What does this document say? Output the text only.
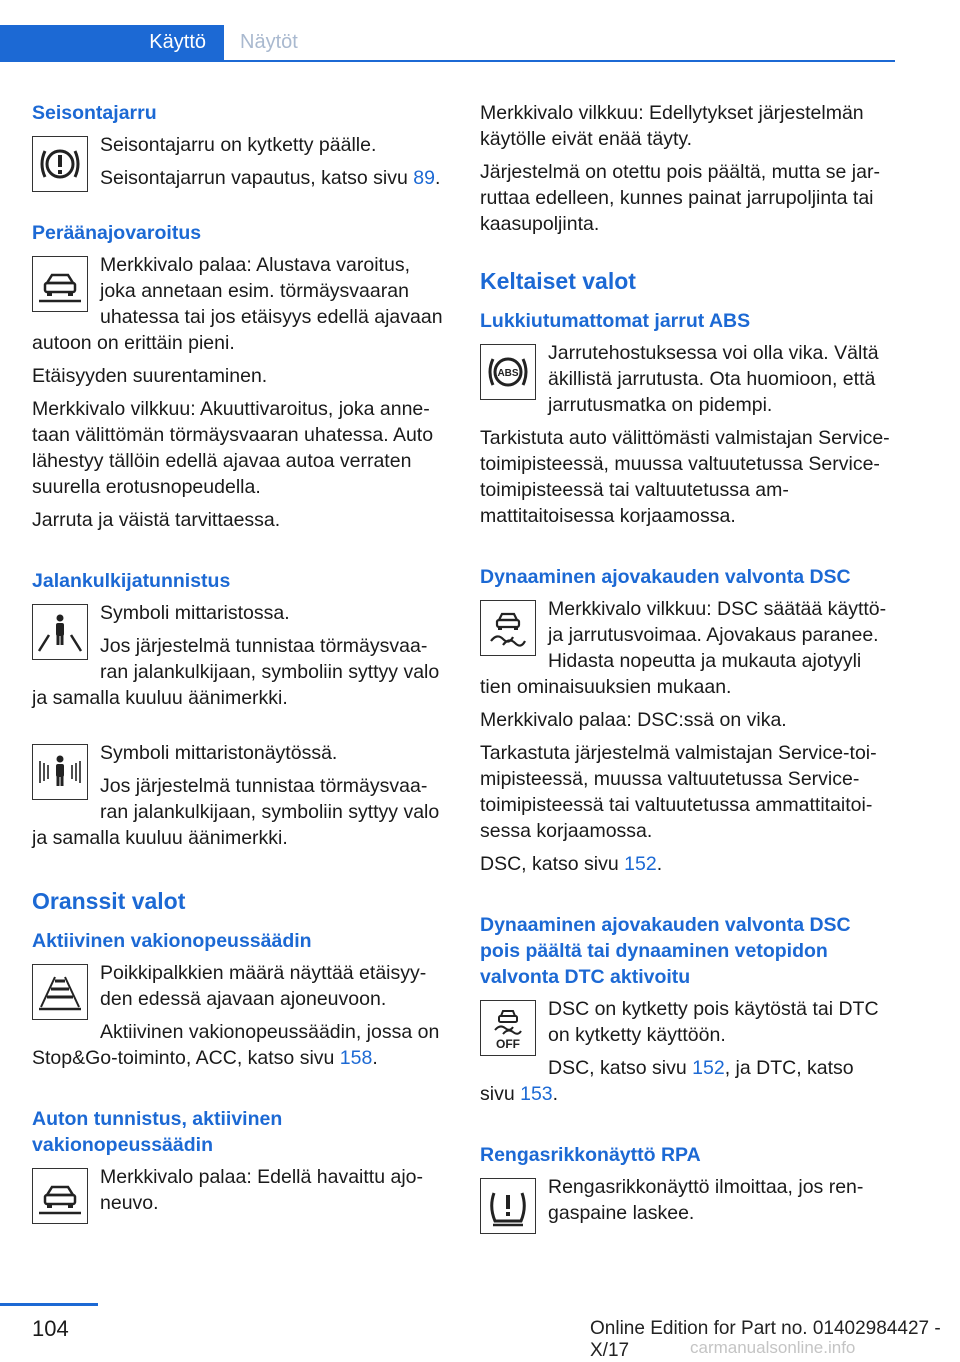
Käyttö	Näytöt
Seisontajarru
Seisontajarru on kytketty päälle.
Seisontajarrun vapautus, katso sivu 89.
Peräänajovaroitus
Merkkivalo palaa: Alustava varoitus, joka annetaan esim. törmäysvaaran uhatessa tai jos etäisyys edellä ajavaan autoon on erittäin pieni.
Etäisyyden suurentaminen.
Merkkivalo vilkkuu: Akuuttivaroitus, joka annetaan välittömän törmäysvaaran uhatessa. Auto lähestyy tällöin edellä ajavaa autoa verraten suurella erotusnopeudella.
Jarruta ja väistä tarvittaessa.
Jalankulkijatunnistus
Symboli mittaristossa.
Jos järjestelmä tunnistaa törmäysvaaran jalankulkijaan, symboliin syttyy valo ja samalla kuuluu äänimerkki.
Symboli mittaristonäytössä.
Jos järjestelmä tunnistaa törmäysvaaran jalankulkijaan, symboliin syttyy valo ja samalla kuuluu äänimerkki.
Oranssit valot
Aktiivinen vakionopeussäädin
Poikkipalkkien määrä näyttää etäisyyden edessä ajavaan ajoneuvoon.
Aktiivinen vakionopeussäädin, jossa on Stop&Go-toiminto, ACC, katso sivu 158.
Auton tunnistus, aktiivinen vakionopeussäädin
Merkkivalo palaa: Edellä havaittu ajoneuvo.
Merkkivalo vilkkuu: Edellytykset järjestelmän käytölle eivät enää täyty.
Järjestelmä on otettu pois päältä, mutta se jarruttaa edelleen, kunnes painat jarrupoljinta tai kaasupoljinta.
Keltaiset valot
Lukkiutumattomat jarrut ABS
ABS
Jarrutehostuksessa voi olla vika. Vältä äkillistä jarrutusta. Ota huomioon, että jarrutusmatka on pidempi.
Tarkistuta auto välittömästi valmistajan Service-toimipisteessä, muussa valtuutetussa Service-toimipisteessä tai valtuutetussa ammattitaitoisessa korjaamossa.
Dynaaminen ajovakauden valvonta DSC
Merkkivalo vilkkuu: DSC säätää käyttö- ja jarrutusvoimaa. Ajovakaus paranee. Hidasta nopeutta ja mukauta ajotyyli tien ominaisuuksien mukaan.
Merkkivalo palaa: DSC:ssä on vika.
Tarkastuta järjestelmä valmistajan Service-toimipisteessä, muussa valtuutetussa Service-toimipisteessä tai valtuutetussa ammattitaitoisessa korjaamossa.
DSC, katso sivu 152.
Dynaaminen ajovakauden valvonta DSC pois päältä tai dynaaminen vetopidon valvonta DTC aktivoitu
OFF
DSC on kytketty pois käytöstä tai DTC on kytketty käyttöön.
DSC, katso sivu 152, ja DTC, katso sivu 153.
Rengasrikkonäyttö RPA
Rengasrikkonäyttö ilmoittaa, jos rengaspaine laskee.
104	Online Edition for Part no. 01402984427 - X/17	carmanualsonline.info
